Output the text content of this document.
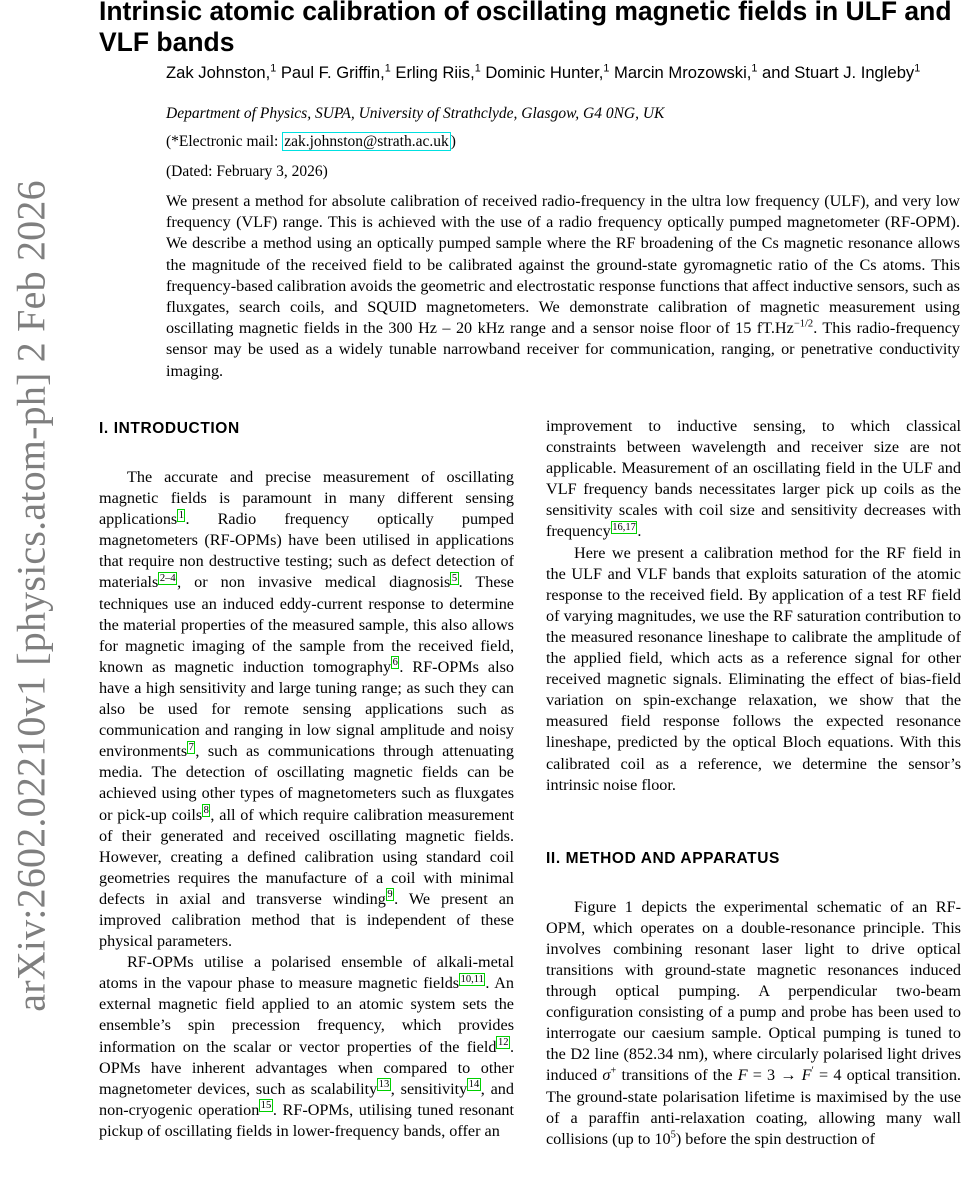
arXiv:2602.02210v1 [physics.atom-ph] 2 Feb 2026
Intrinsic atomic calibration of oscillating magnetic fields in ULF and VLF bands

Zak Johnston,$^1$ Paul F. Griffin,$^1$ Erling Riis,$^1$ Dominic Hunter,$^1$ Marcin Mrozowski,$^1$ and Stuart J. Ingleby$^1$

Department of Physics, SUPA, University of Strathclyde, Glasgow, G4 0NG, UK

(*Electronic mail: zak.johnston@strath.ac.uk )

(Dated: February 3, 2026)

We present a method for absolute calibration of received radio-frequency in the ultra low frequency (ULF), and very low frequency (VLF) range. This is achieved with the use of a radio frequency optically pumped magnetometer (RF-OPM). We describe a method using an optically pumped sample where the RF broadening of the Cs magnetic resonance allows the magnitude of the received field to be calibrated against the ground-state gyromagnetic ratio of the Cs atoms. This frequency-based calibration avoids the geometric and electrostatic response functions that affect inductive sensors, such as fluxgates, search coils, and SQUID magnetometers. We demonstrate calibration of magnetic measurement using oscillating magnetic fields in the 300 Hz – 20 kHz range and a sensor noise floor of 15 $fT.Hz^{-1/2}$. This radio-frequency sensor may be used as a widely tunable narrowband receiver for communication, ranging, or penetrative conductivity imaging.

I. INTRODUCTION

The accurate and precise measurement of oscillating magnetic fields is paramount in many different sensing applications $^1$. Radio frequency optically pumped magnetometers (RF-OPMs) have been utilised in applications that require non destructive testing; such as defect detection of materials $^{2-4}$, or non invasive medical diagnosis $^5$. These techniques use an induced eddy-current response to determine the material properties of the measured sample, this also allows for magnetic imaging of the sample from the received field, known as magnetic induction tomography $^6$. RF-OPMs also have a high sensitivity and large tuning range; as such they can also be used for remote sensing applications such as communication and ranging in low signal amplitude and noisy environments $^7$, such as communications through attenuating media. The detection of oscillating magnetic fields can be achieved using other types of magnetometers such as fluxgates or pick-up coils $^8$, all of which require calibration measurement of their generated and received oscillating magnetic fields. However, creating a defined calibration using standard coil geometries requires the manufacture of a coil with minimal defects in axial and transverse winding $^9$. We present an improved calibration method that is independent of these physical parameters.

RF-OPMs utilise a polarised ensemble of alkali-metal atoms in the vapour phase to measure magnetic fields $^{10,11}$. An external magnetic field applied to an atomic system sets the ensemble’s spin precession frequency, which provides information on the scalar or vector properties of the field $^{12}$. OPMs have inherent advantages when compared to other magnetometer devices, such as scalability $^{13}$, sensitivity $^{14}$, and non-cryogenic operation $^{15}$. RF-OPMs, utilising tuned resonant pickup of oscillating fields in lower-frequency bands, offer an

improvement to inductive sensing, to which classical constraints between wavelength and receiver size are not applicable. Measurement of an oscillating field in the ULF and VLF frequency bands necessitates larger pick up coils as the sensitivity scales with coil size and sensitivity decreases with frequency $^{16,17}$.

Here we present a calibration method for the RF field in the ULF and VLF bands that exploits saturation of the atomic response to the received field. By application of a test RF field of varying magnitudes, we use the RF saturation contribution to the measured resonance lineshape to calibrate the amplitude of the applied field, which acts as a reference signal for other received magnetic signals. Eliminating the effect of bias-field variation on spin-exchange relaxation, we show that the measured field response follows the expected resonance lineshape, predicted by the optical Bloch equations. With this calibrated coil as a reference, we determine the sensor’s intrinsic noise floor.

II. METHOD AND APPARATUS

Figure 1 depicts the experimental schematic of an RF-OPM, which operates on a double-resonance principle. This involves combining resonant laser light to drive optical transitions with ground-state magnetic resonances induced through optical pumping. A perpendicular two-beam configuration consisting of a pump and probe has been used to interrogate our caesium sample. Optical pumping is tuned to the D2 line (852.34 nm), where circularly polarised light drives induced σ+ transitions of the F = 3 → F′ = 4 optical transition. The ground-state polarisation lifetime is maximised by the use of a paraffin anti-relaxation coating, allowing many wall collisions (up to $10^5$) before the spin destruction of
